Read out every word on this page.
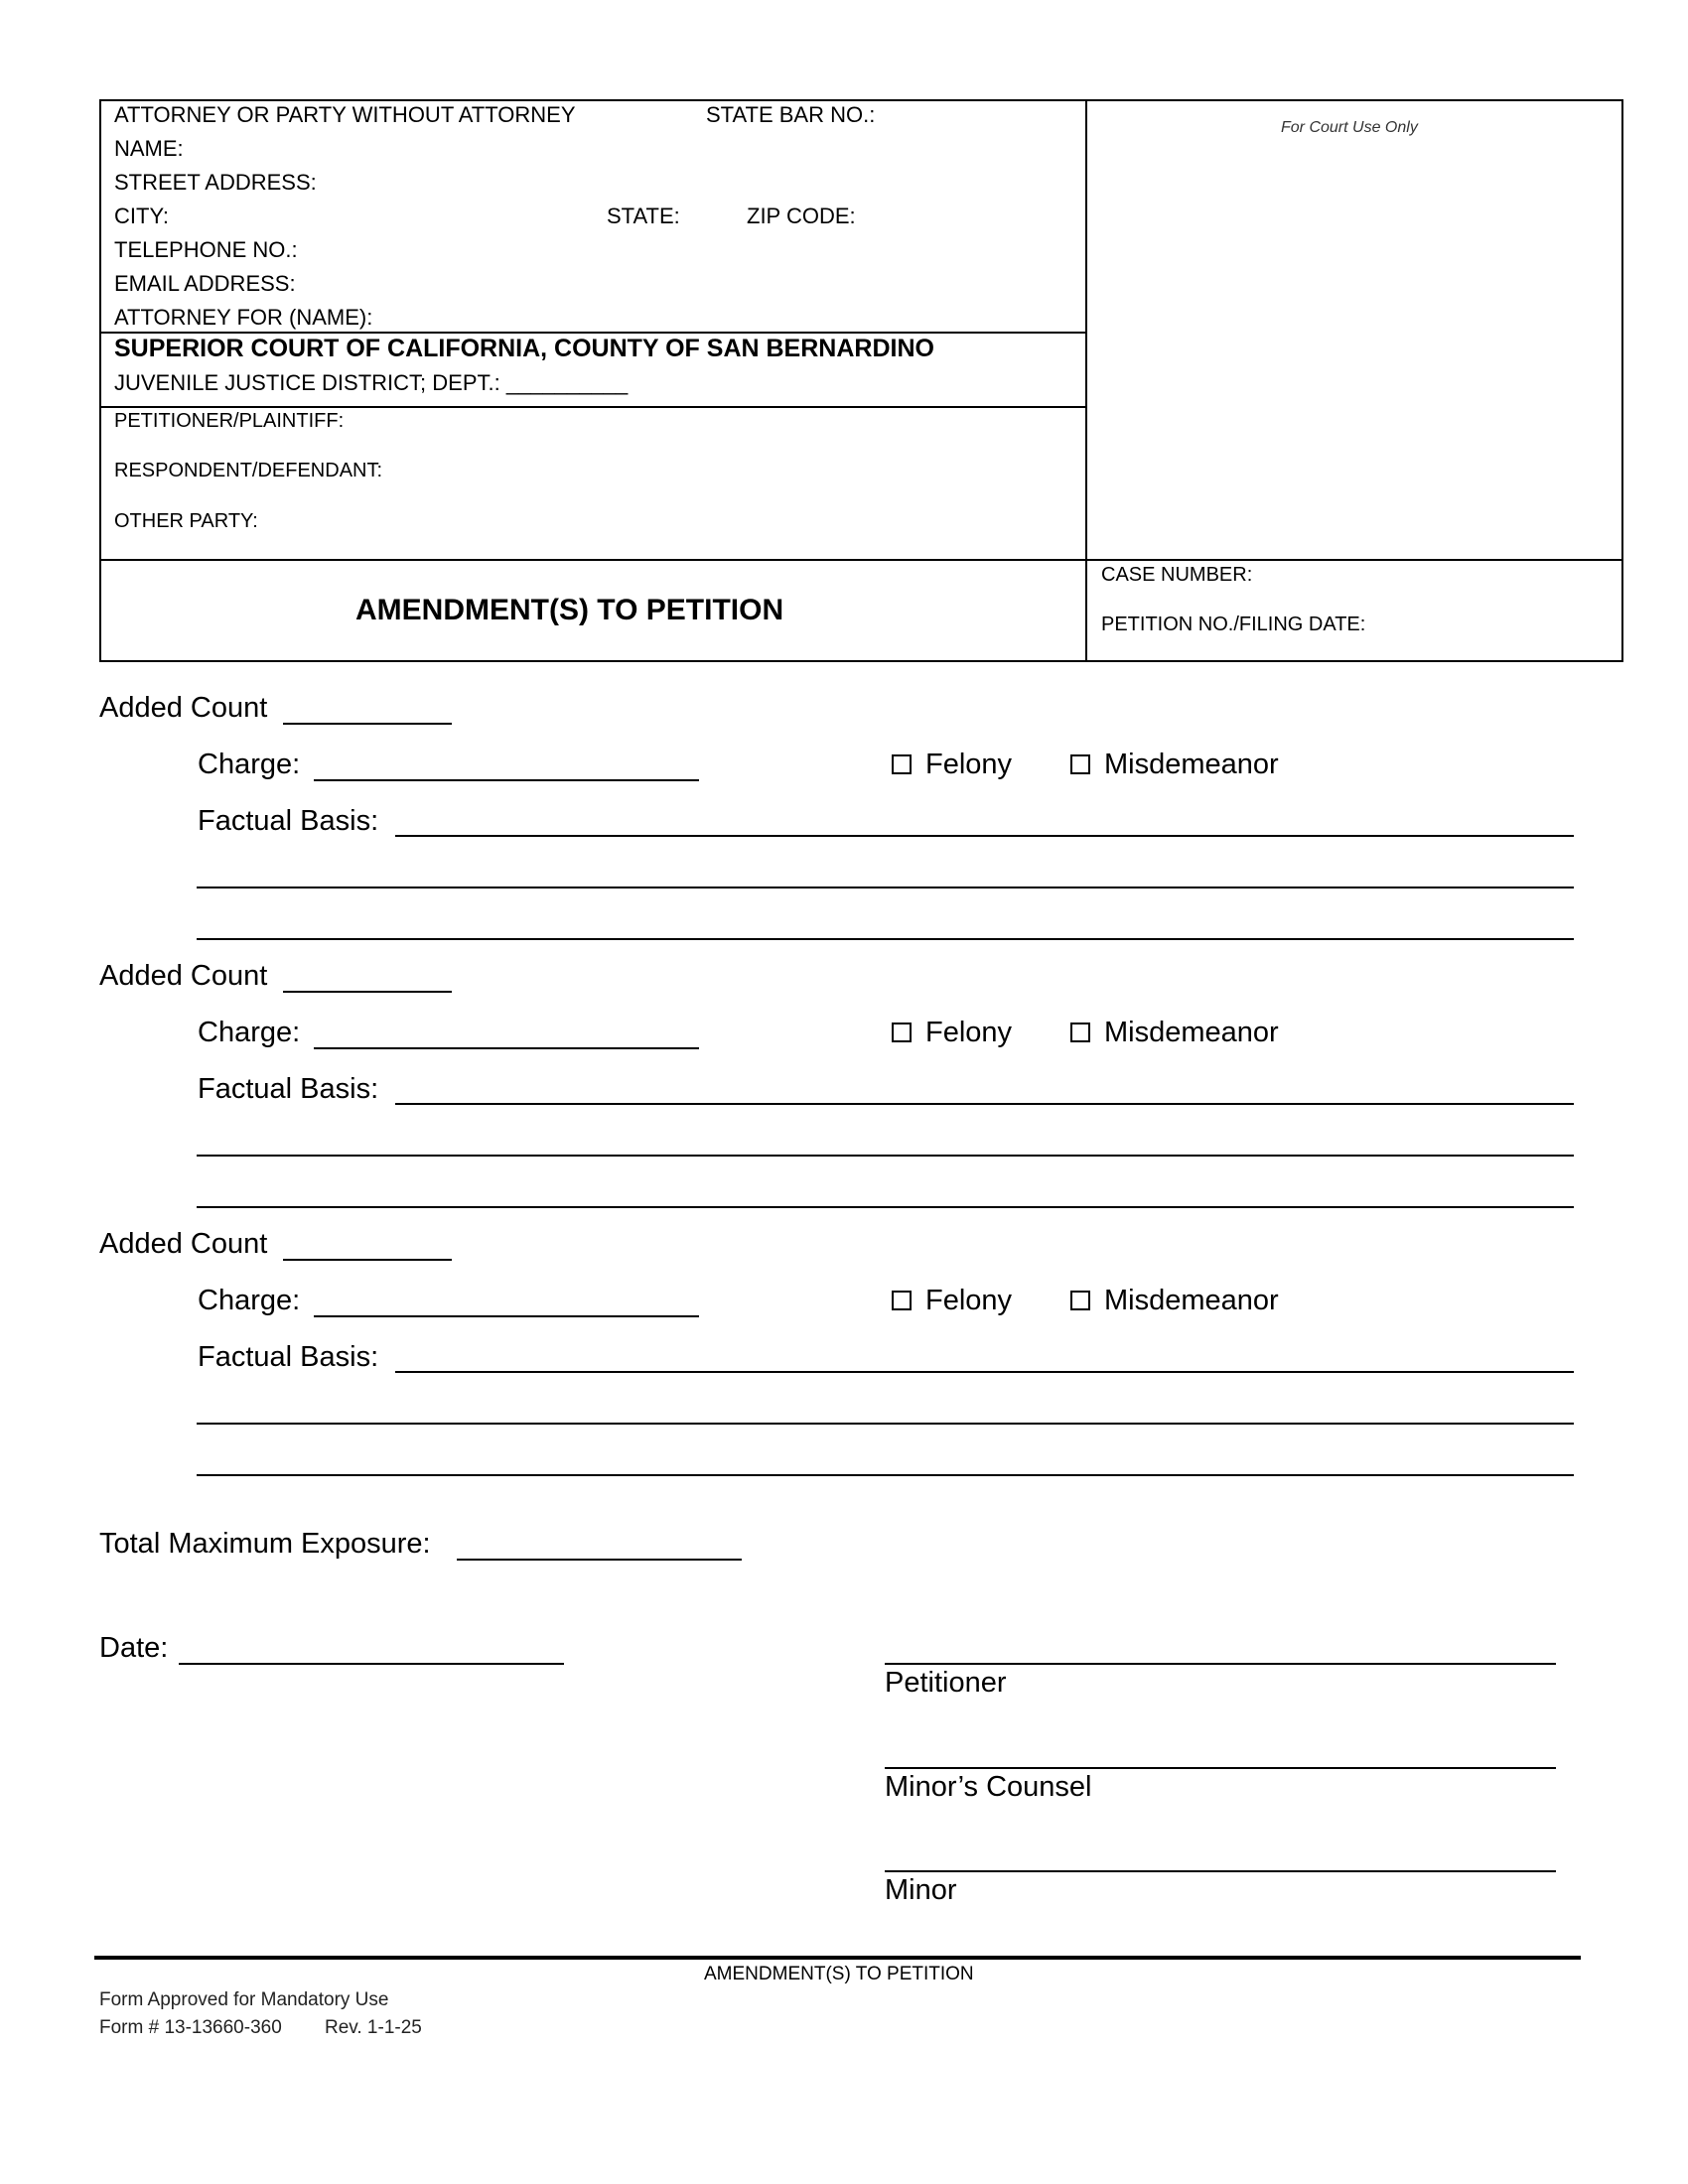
ATTORNEY OR PARTY WITHOUT ATTORNEY	STATE BAR NO.:
NAME:
STREET ADDRESS:
CITY:	STATE:	ZIP CODE:
TELEPHONE NO.:
EMAIL ADDRESS:
ATTORNEY FOR (NAME):
For Court Use Only
SUPERIOR COURT OF CALIFORNIA, COUNTY OF SAN BERNARDINO
JUVENILE JUSTICE DISTRICT; DEPT.: __________
PETITIONER/PLAINTIFF:
RESPONDENT/DEFENDANT:
OTHER PARTY:
AMENDMENT(S) TO PETITION
CASE NUMBER:
PETITION NO./FILING DATE:
Added Count
Charge:	Felony	Misdemeanor
Factual Basis:
Added Count
Charge:	Felony	Misdemeanor
Factual Basis:
Added Count
Charge:	Felony	Misdemeanor
Factual Basis:
Total Maximum Exposure:
Date:
Petitioner
Minor’s Counsel
Minor
AMENDMENT(S) TO PETITION
Form Approved for Mandatory Use
Form # 13-13660-360 Rev. 1-1-25
